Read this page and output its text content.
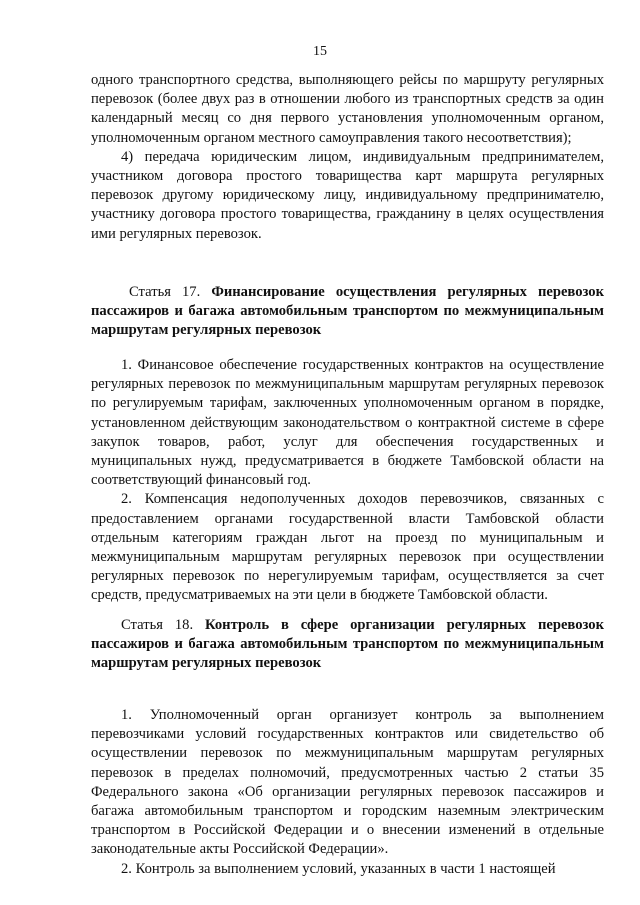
15

одного транспортного средства, выполняющего рейсы по маршруту регулярных перевозок (более двух раз в отношении любого из транспортных средств за один календарный месяц со дня первого установления уполномоченным органом, уполномоченным органом местного самоуправления такого несоответствия);

4) передача юридическим лицом, индивидуальным предпринимателем, участником договора простого товарищества карт маршрута регулярных перевозок другому юридическому лицу, индивидуальному предпринимателю, участнику договора простого товарищества, гражданину в целях осуществления ими регулярных перевозок.

Статья 17. Финансирование осуществления регулярных перевозок пассажиров и багажа автомобильным транспортом по межмуниципальным маршрутам регулярных перевозок

1. Финансовое обеспечение государственных контрактов на осуществление регулярных перевозок по межмуниципальным маршрутам регулярных перевозок по регулируемым тарифам, заключенных уполномоченным органом в порядке, установленном действующим законодательством о контрактной системе в сфере закупок товаров, работ, услуг для обеспечения государственных и муниципальных нужд, предусматривается в бюджете Тамбовской области на соответствующий финансовый год.

2. Компенсация недополученных доходов перевозчиков, связанных с предоставлением органами государственной власти Тамбовской области отдельным категориям граждан льгот на проезд по муниципальным и межмуниципальным маршрутам регулярных перевозок при осуществлении регулярных перевозок по нерегулируемым тарифам, осуществляется за счет средств, предусматриваемых на эти цели в бюджете Тамбовской области.

Статья 18. Контроль в сфере организации регулярных перевозок пассажиров и багажа автомобильным транспортом по межмуниципальным маршрутам регулярных перевозок

1. Уполномоченный орган организует контроль за выполнением перевозчиками условий государственных контрактов или свидетельство об осуществлении перевозок по межмуниципальным маршрутам регулярных перевозок в пределах полномочий, предусмотренных частью 2 статьи 35 Федерального закона «Об организации регулярных перевозок пассажиров и багажа автомобильным транспортом и городским наземным электрическим транспортом в Российской Федерации и о внесении изменений в отдельные законодательные акты Российской Федерации».

2. Контроль за выполнением условий, указанных в части 1 настоящей
